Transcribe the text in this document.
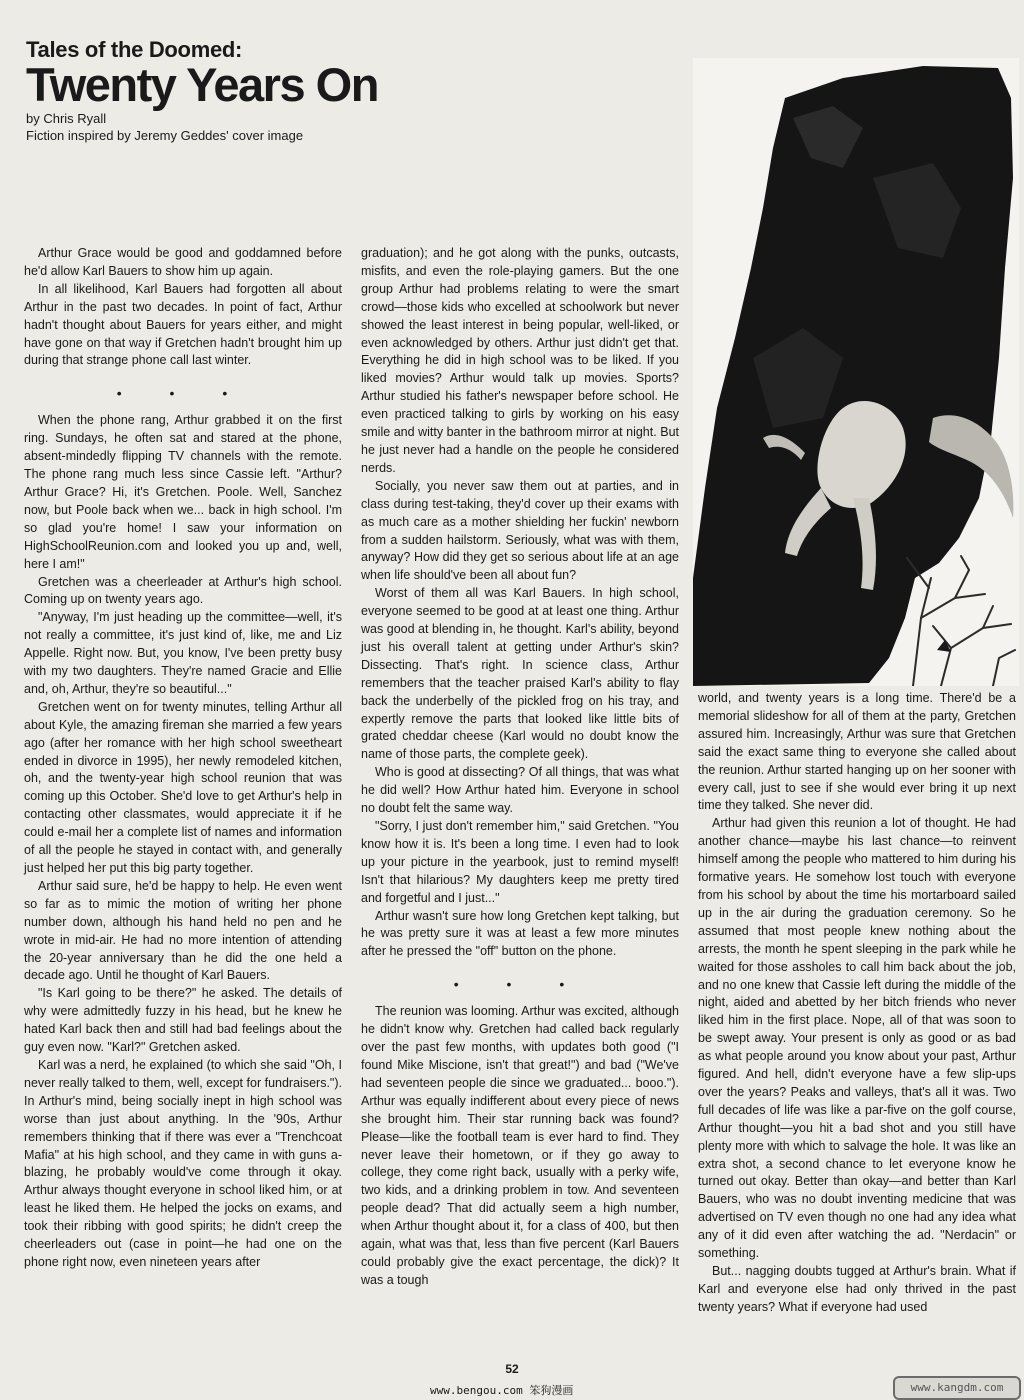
Tales of the Doomed:
Twenty Years On
by Chris Ryall
Fiction inspired by Jeremy Geddes' cover image

Arthur Grace would be good and goddamned before he'd allow Karl Bauers to show him up again.

In all likelihood, Karl Bauers had forgotten all about Arthur in the past two decades. In point of fact, Arthur hadn't thought about Bauers for years either, and might have gone on that way if Gretchen hadn't brought him up during that strange phone call last winter.

• • •

When the phone rang, Arthur grabbed it on the first ring. Sundays, he often sat and stared at the phone, absent-mindedly flipping TV channels with the remote. The phone rang much less since Cassie left. "Arthur? Arthur Grace? Hi, it's Gretchen. Poole. Well, Sanchez now, but Poole back when we... back in high school. I'm so glad you're home! I saw your information on HighSchoolReunion.com and looked you up and, well, here I am!"

Gretchen was a cheerleader at Arthur's high school. Coming up on twenty years ago.

"Anyway, I'm just heading up the committee—well, it's not really a committee, it's just kind of, like, me and Liz Appelle. Right now. But, you know, I've been pretty busy with my two daughters. They're named Gracie and Ellie and, oh, Arthur, they're so beautiful..."

Gretchen went on for twenty minutes, telling Arthur all about Kyle, the amazing fireman she married a few years ago (after her romance with her high school sweetheart ended in divorce in 1995), her newly remodeled kitchen, oh, and the twenty-year high school reunion that was coming up this October. She'd love to get Arthur's help in contacting other classmates, would appreciate it if he could e-mail her a complete list of names and information of all the people he stayed in contact with, and generally just helped her put this big party together.

Arthur said sure, he'd be happy to help. He even went so far as to mimic the motion of writing her phone number down, although his hand held no pen and he wrote in mid-air. He had no more intention of attending the 20-year anniversary than he did the one held a decade ago. Until he thought of Karl Bauers.

"Is Karl going to be there?" he asked. The details of why were admittedly fuzzy in his head, but he knew he hated Karl back then and still had bad feelings about the guy even now. "Karl?" Gretchen asked.

Karl was a nerd, he explained (to which she said "Oh, I never really talked to them, well, except for fundraisers."). In Arthur's mind, being socially inept in high school was worse than just about anything. In the '90s, Arthur remembers thinking that if there was ever a "Trenchcoat Mafia" at his high school, and they came in with guns a-blazing, he probably would've come through it okay. Arthur always thought everyone in school liked him, or at least he liked them. He helped the jocks on exams, and took their ribbing with good spirits; he didn't creep the cheerleaders out (case in point—he had one on the phone right now, even nineteen years after

graduation); and he got along with the punks, outcasts, misfits, and even the role-playing gamers. But the one group Arthur had problems relating to were the smart crowd—those kids who excelled at schoolwork but never showed the least interest in being popular, well-liked, or even acknowledged by others. Arthur just didn't get that. Everything he did in high school was to be liked. If you liked movies? Arthur would talk up movies. Sports? Arthur studied his father's newspaper before school. He even practiced talking to girls by working on his easy smile and witty banter in the bathroom mirror at night. But he just never had a handle on the people he considered nerds.

Socially, you never saw them out at parties, and in class during test-taking, they'd cover up their exams with as much care as a mother shielding her fuckin' newborn from a sudden hailstorm. Seriously, what was with them, anyway? How did they get so serious about life at an age when life should've been all about fun?

Worst of them all was Karl Bauers. In high school, everyone seemed to be good at at least one thing. Arthur was good at blending in, he thought. Karl's ability, beyond just his overall talent at getting under Arthur's skin? Dissecting. That's right. In science class, Arthur remembers that the teacher praised Karl's ability to flay back the underbelly of the pickled frog on his tray, and expertly remove the parts that looked like little bits of grated cheddar cheese (Karl would no doubt know the name of those parts, the complete geek).

Who is good at dissecting? Of all things, that was what he did well? How Arthur hated him. Everyone in school no doubt felt the same way.

"Sorry, I just don't remember him," said Gretchen. "You know how it is. It's been a long time. I even had to look up your picture in the yearbook, just to remind myself! Isn't that hilarious? My daughters keep me pretty tired and forgetful and I just..."

Arthur wasn't sure how long Gretchen kept talking, but he was pretty sure it was at least a few more minutes after he pressed the "off" button on the phone.

• • •

The reunion was looming. Arthur was excited, although he didn't know why. Gretchen had called back regularly over the past few months, with updates both good ("I found Mike Miscione, isn't that great!") and bad ("We've had seventeen people die since we graduated... booo."). Arthur was equally indifferent about every piece of news she brought him. Their star running back was found? Please—like the football team is ever hard to find. They never leave their hometown, or if they go away to college, they come right back, usually with a perky wife, two kids, and a drinking problem in tow. And seventeen people dead? That did actually seem a high number, when Arthur thought about it, for a class of 400, but then again, what was that, less than five percent (Karl Bauers could probably give the exact percentage, the dick)? It was a tough

world, and twenty years is a long time. There'd be a memorial slideshow for all of them at the party, Gretchen assured him. Increasingly, Arthur was sure that Gretchen said the exact same thing to everyone she called about the reunion. Arthur started hanging up on her sooner with every call, just to see if she would ever bring it up next time they talked. She never did.

Arthur had given this reunion a lot of thought. He had another chance—maybe his last chance—to reinvent himself among the people who mattered to him during his formative years. He somehow lost touch with everyone from his school by about the time his mortarboard sailed up in the air during the graduation ceremony. So he assumed that most people knew nothing about the arrests, the month he spent sleeping in the park while he waited for those assholes to call him back about the job, and no one knew that Cassie left during the middle of the night, aided and abetted by her bitch friends who never liked him in the first place. Nope, all of that was soon to be swept away. Your present is only as good or as bad as what people around you know about your past, Arthur figured. And hell, didn't everyone have a few slip-ups over the years? Peaks and valleys, that's all it was. Two full decades of life was like a par-five on the golf course, Arthur thought—you hit a bad shot and you still have plenty more with which to salvage the hole. It was like an extra shot, a second chance to let everyone know he turned out okay. Better than okay—and better than Karl Bauers, who was no doubt inventing medicine that was advertised on TV even though no one had any idea what any of it did even after watching the ad. "Nerdacin" or something.

But... nagging doubts tugged at Arthur's brain. What if Karl and everyone else had only thrived in the past twenty years? What if everyone had used

52
www.bengou.com 笨狗漫画	www.kangdm.com
